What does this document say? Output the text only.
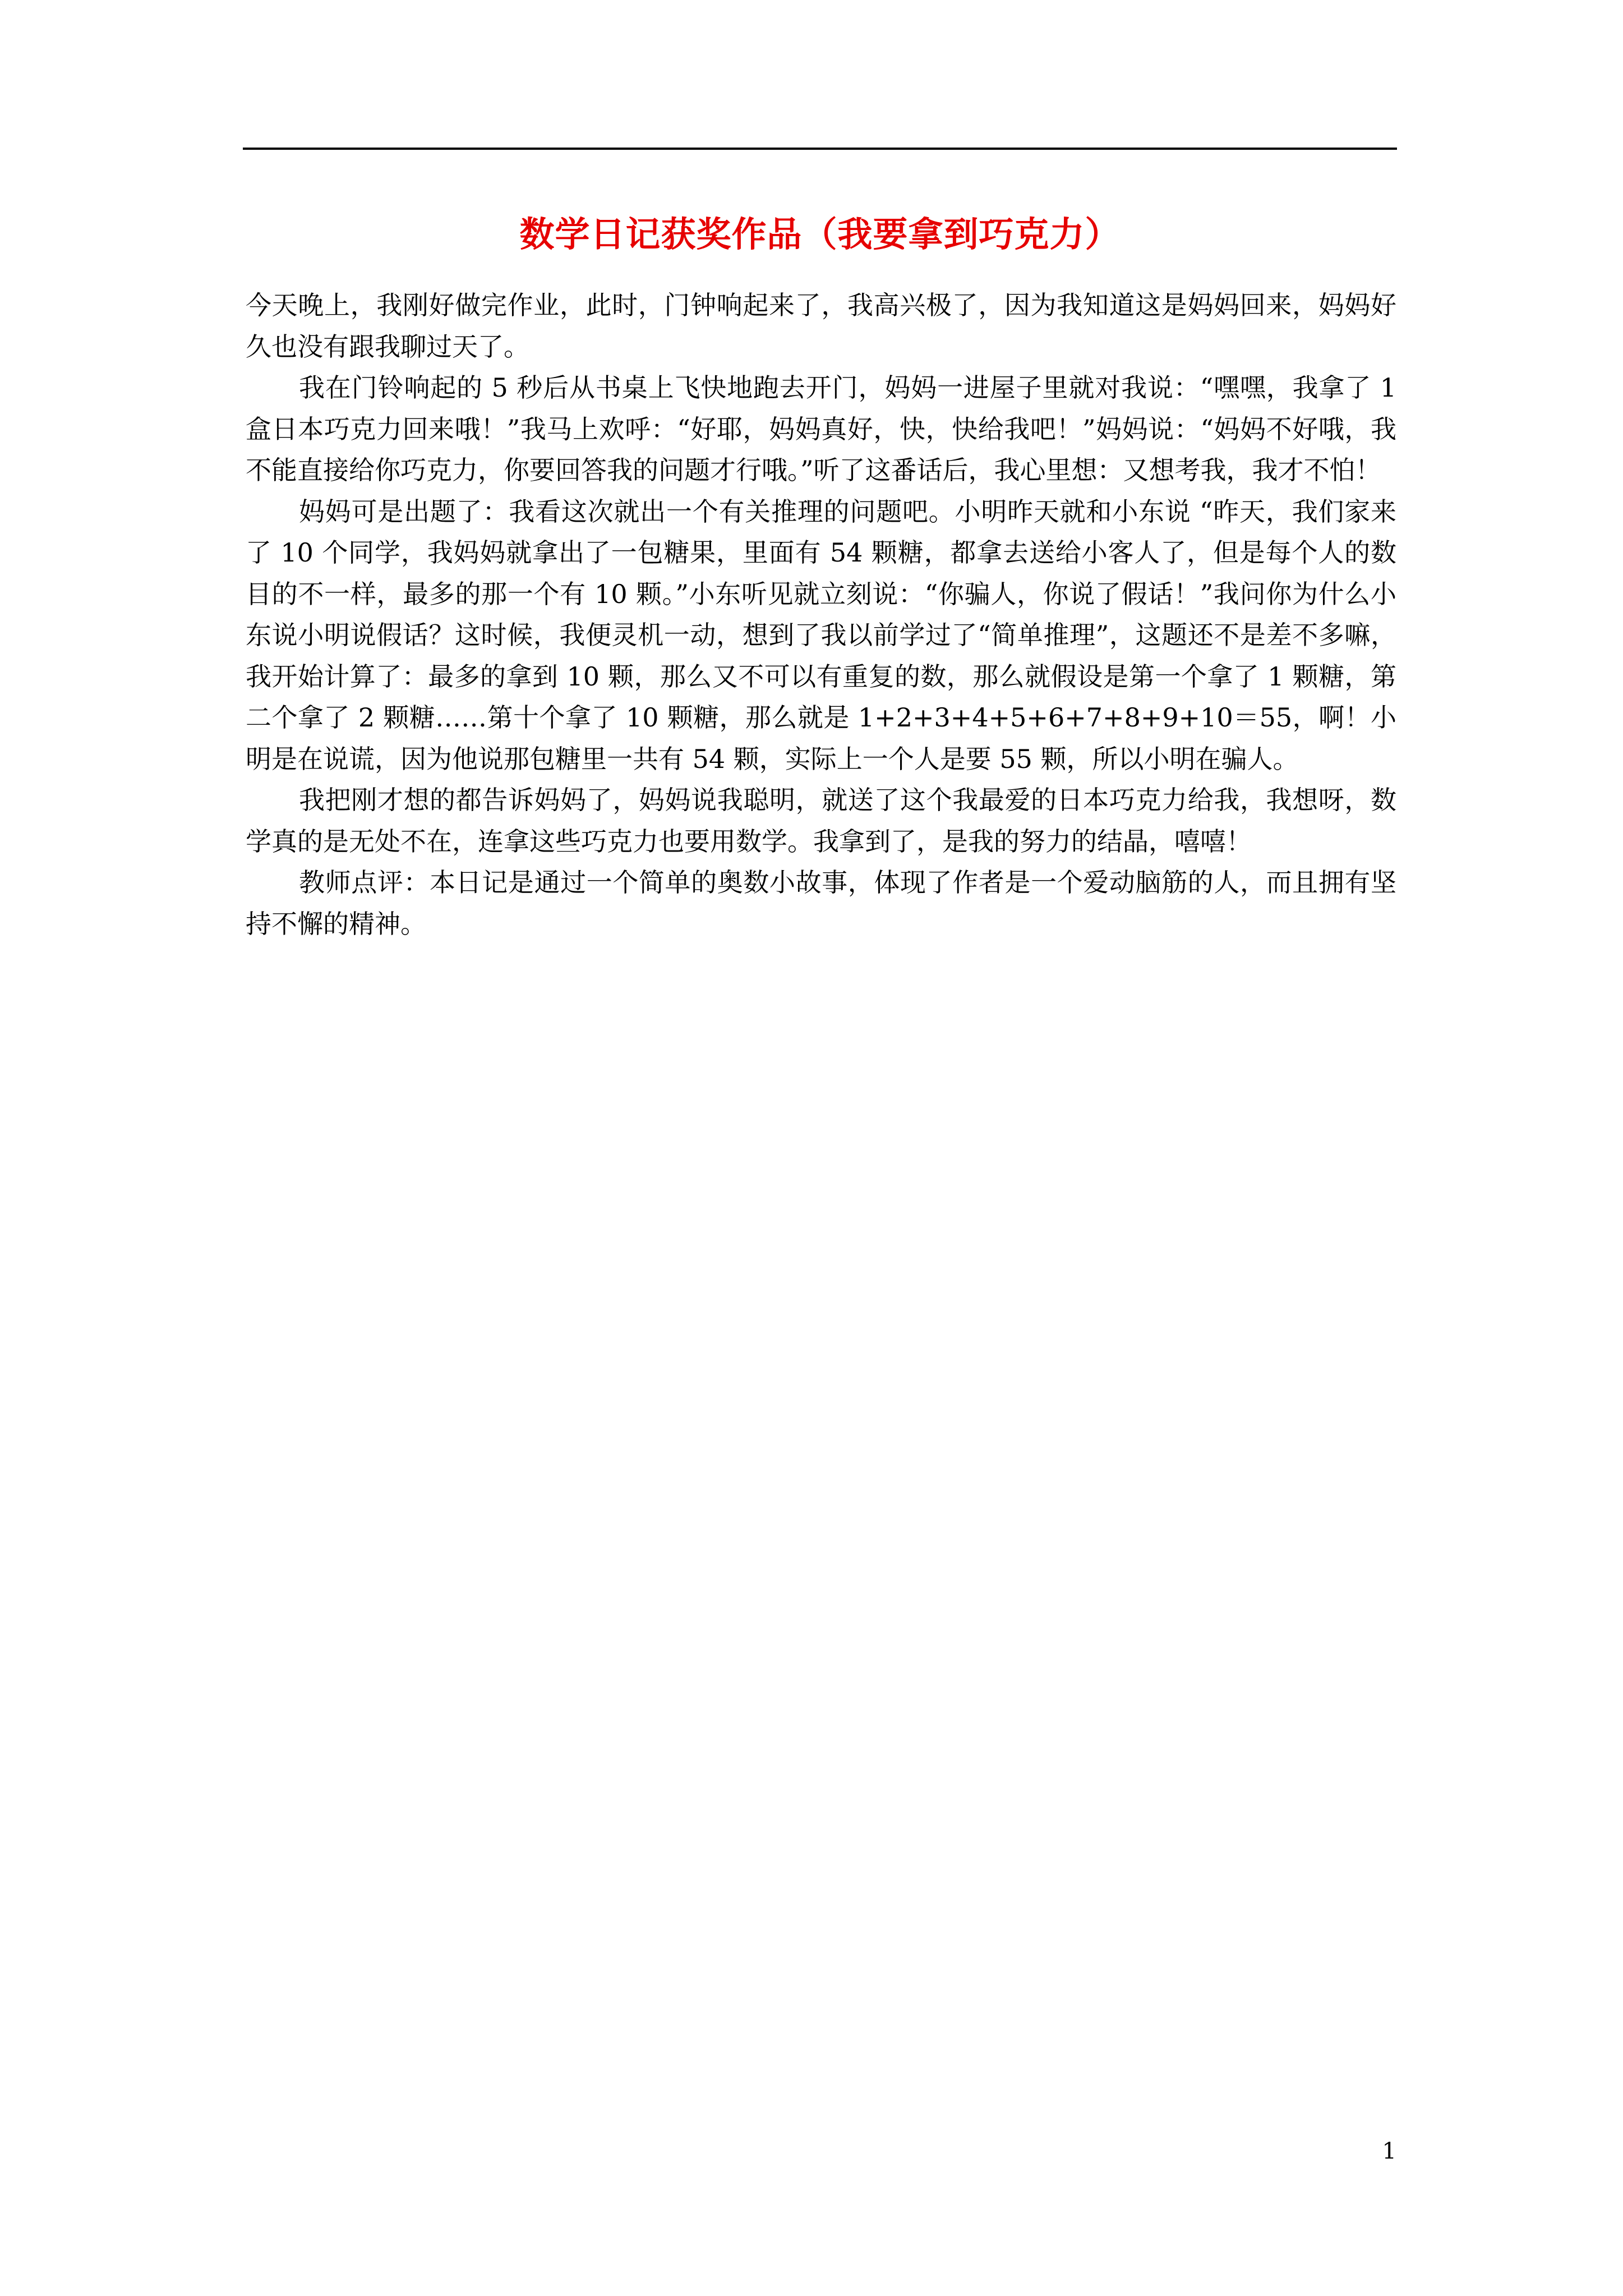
数学日记获奖作品（我要拿到巧克力）

今天晚上，我刚好做完作业，此时，门钟响起来了，我高兴极了，因为我知道这是妈妈回来，妈妈好久也没有跟我聊过天了。

我在门铃响起的 5 秒后从书桌上飞快地跑去开门，妈妈一进屋子里就对我说：“嘿嘿，我拿了 1 盒日本巧克力回来哦！”我马上欢呼：“好耶，妈妈真好，快，快给我吧！”妈妈说：“妈妈不好哦，我不能直接给你巧克力，你要回答我的问题才行哦。”听了这番话后，我心里想：又想考我，我才不怕！

妈妈可是出题了：我看这次就出一个有关推理的问题吧。小明昨天就和小东说 “昨天，我们家来了 10 个同学，我妈妈就拿出了一包糖果，里面有 54 颗糖，都拿去送给小客人了，但是每个人的数目的不一样，最多的那一个有 10 颗。”小东听见就立刻说：“你骗人，你说了假话！”我问你为什么小东说小明说假话？这时候，我便灵机一动，想到了我以前学过了“简单推理”，这题还不是差不多嘛，我开始计算了：最多的拿到 10 颗，那么又不可以有重复的数，那么就假设是第一个拿了 1 颗糖，第二个拿了 2 颗糖……第十个拿了 10 颗糖，那么就是 1+2+3+4+5+6+7+8+9+10＝55，啊！小明是在说谎，因为他说那包糖里一共有 54 颗，实际上一个人是要 55 颗，所以小明在骗人。

我把刚才想的都告诉妈妈了，妈妈说我聪明，就送了这个我最爱的日本巧克力给我，我想呀，数学真的是无处不在，连拿这些巧克力也要用数学。我拿到了，是我的努力的结晶，嘻嘻！

教师点评：本日记是通过一个简单的奥数小故事，体现了作者是一个爱动脑筋的人，而且拥有坚持不懈的精神。

1
